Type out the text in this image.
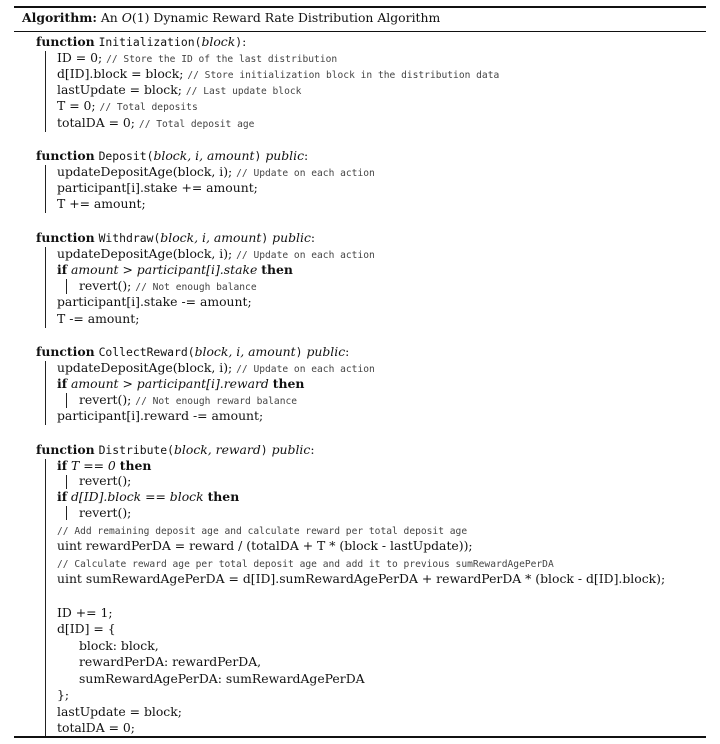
Algorithm: An O(1) Dynamic Reward Rate Distribution Algorithm
function Initialization(block):
ID = 0; // Store the ID of the last distribution
d[ID].block = block; // Store initialization block in the distribution data
lastUpdate = block; // Last update block
T = 0; // Total deposits
totalDA = 0; // Total deposit age
function Deposit(block, i, amount) public:
updateDepositAge(block, i); // Update on each action
participant[i].stake += amount;
T += amount;
function Withdraw(block, i, amount) public:
updateDepositAge(block, i); // Update on each action
if amount > participant[i].stake then
revert(); // Not enough balance
participant[i].stake -= amount;
T -= amount;
function CollectReward(block, i, amount) public:
updateDepositAge(block, i); // Update on each action
if amount > participant[i].reward then
revert(); // Not enough reward balance
participant[i].reward -= amount;
function Distribute(block, reward) public:
if T == 0 then
revert();
if d[ID].block == block then
revert();
// Add remaining deposit age and calculate reward per total deposit age
uint rewardPerDA = reward / (totalDA + T * (block - lastUpdate));
// Calculate reward age per total deposit age and add it to previous sumRewardAgePerDA
uint sumRewardAgePerDA = d[ID].sumRewardAgePerDA + rewardPerDA * (block - d[ID].block);
ID += 1;
d[ID] = {
block: block,
rewardPerDA: rewardPerDA,
sumRewardAgePerDA: sumRewardAgePerDA
};
lastUpdate = block;
totalDA = 0;
